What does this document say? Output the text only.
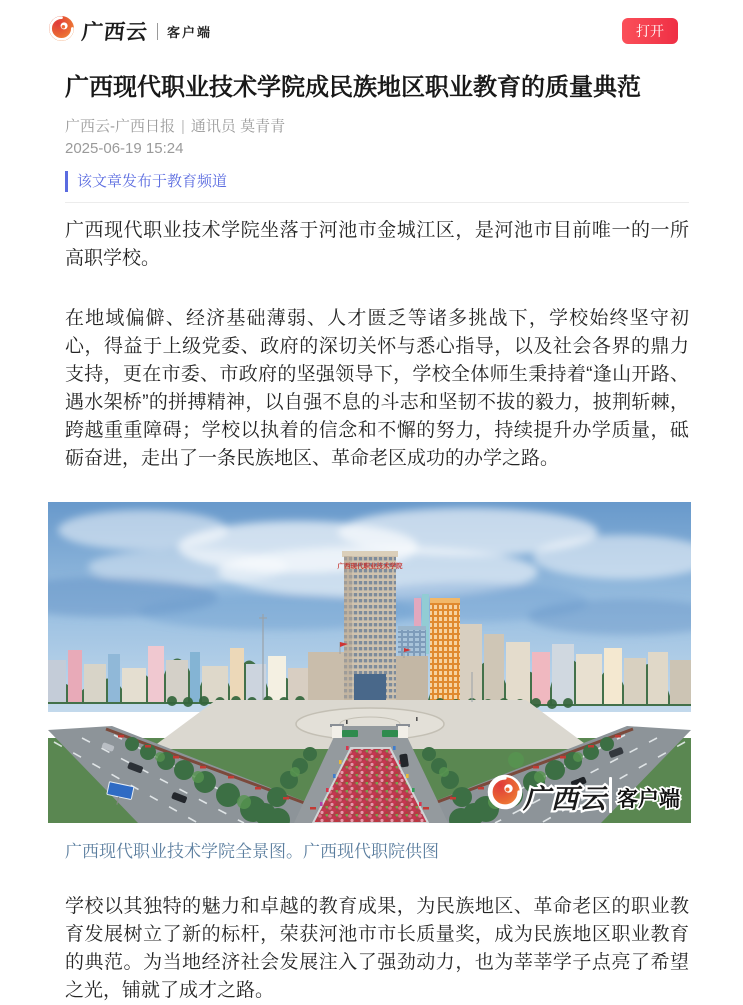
广西云 客户端	打开
广西现代职业技术学院成民族地区职业教育的质量典范
广西云-广西日报 | 通讯员 莫青青
2025-06-19 15:24
该文章发布于教育频道

广西现代职业技术学院坐落于河池市金城江区，是河池市目前唯一的一所高职学校。

在地域偏僻、经济基础薄弱、人才匮乏等诸多挑战下，学校始终坚守初心，得益于上级党委、政府的深切关怀与悉心指导，以及社会各界的鼎力支持，更在市委、市政府的坚强领导下，学校全体师生秉持着“逢山开路、遇水架桥”的拼搏精神，以自强不息的斗志和坚韧不拔的毅力，披荆斩棘，跨越重重障碍；学校以执着的信念和不懈的努力，持续提升办学质量，砥砺奋进，走出了一条民族地区、革命老区成功的办学之路。

广西现代职业技术学院
广西云 客户端
广西现代职业技术学院全景图。广西现代职院供图

学校以其独特的魅力和卓越的教育成果，为民族地区、革命老区的职业教育发展树立了新的标杆，荣获河池市市长质量奖，成为民族地区职业教育的典范。为当地经济社会发展注入了强劲动力，也为莘莘学子点亮了希望之光，铺就了成才之路。
